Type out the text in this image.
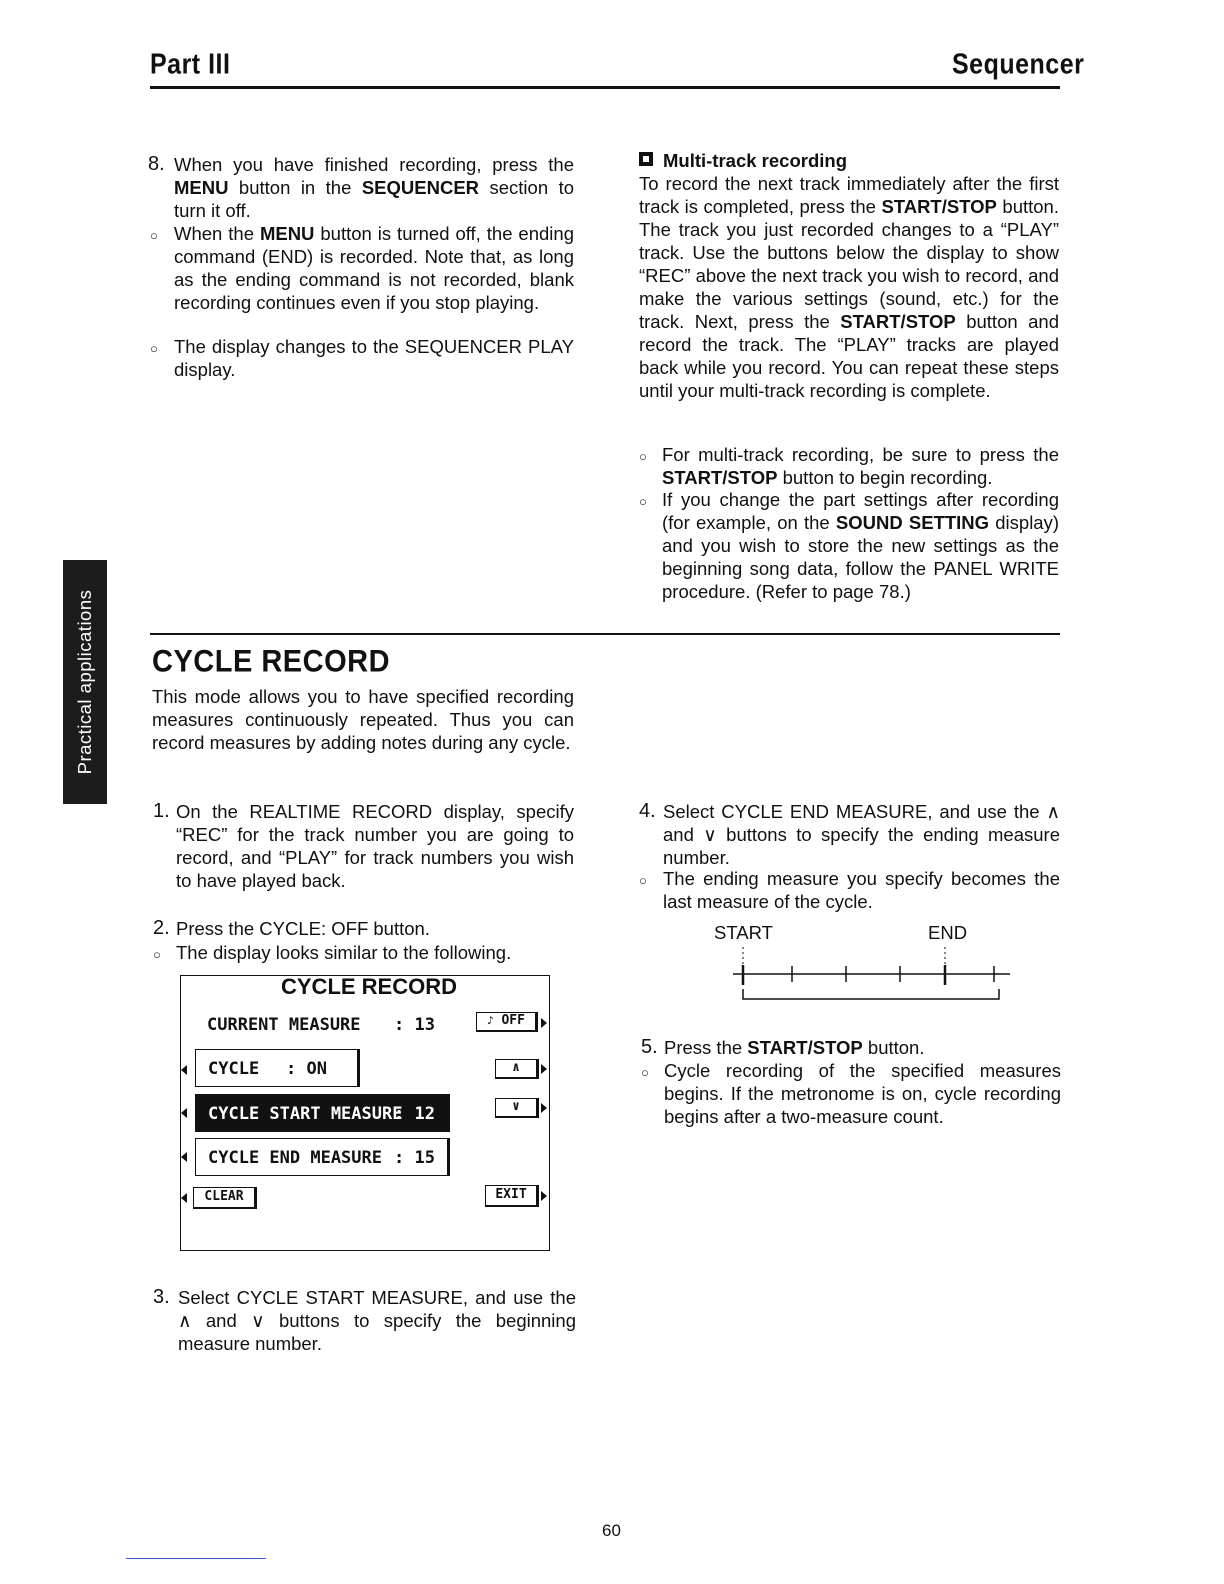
Part III	Sequencer
Practical applications
8. When you have finished recording, press the MENU button in the SEQUENCER section to turn it off.
○ When the MENU button is turned off, the ending command (END) is recorded. Note that, as long as the ending command is not recorded, blank recording continues even if you stop playing.
○ The display changes to the SEQUENCER PLAY display.
Multi-track recording
To record the next track immediately after the first track is completed, press the START/STOP button. The track you just recorded changes to a “PLAY” track. Use the buttons below the display to show “REC” above the next track you wish to record, and make the various settings (sound, etc.) for the track. Next, press the START/STOP button and record the track. The “PLAY” tracks are played back while you record. You can repeat these steps until your multi-track recording is complete.
○ For multi-track recording, be sure to press the START/STOP button to begin recording.
○ If you change the part settings after recording (for example, on the SOUND SETTING display) and you wish to store the new settings as the beginning song data, follow the PANEL WRITE procedure. (Refer to page 78.)
CYCLE RECORD
This mode allows you to have specified recording measures continuously repeated. Thus you can record measures by adding notes during any cycle.
1. On the REALTIME RECORD display, specify “REC” for the track number you are going to record, and “PLAY” for track numbers you wish to have played back.
2. Press the CYCLE: OFF button.
○ The display looks similar to the following.
CYCLE RECORD
CURRENT MEASURE : 13	♪ OFF
CYCLE : ON	∧
CYCLE START MEASURE
: 12	∨
CYCLE END MEASURE : 15
CLEAR	EXIT
3. Select CYCLE START MEASURE, and use the ∧ and ∨ buttons to specify the beginning measure number.
4. Select CYCLE END MEASURE, and use the ∧ and ∨ buttons to specify the ending measure number.
○ The ending measure you specify becomes the last measure of the cycle.
START	END
5. Press the START/STOP button.
○ Cycle recording of the specified measures begins. If the metronome is on, cycle recording begins after a two-measure count.
60
